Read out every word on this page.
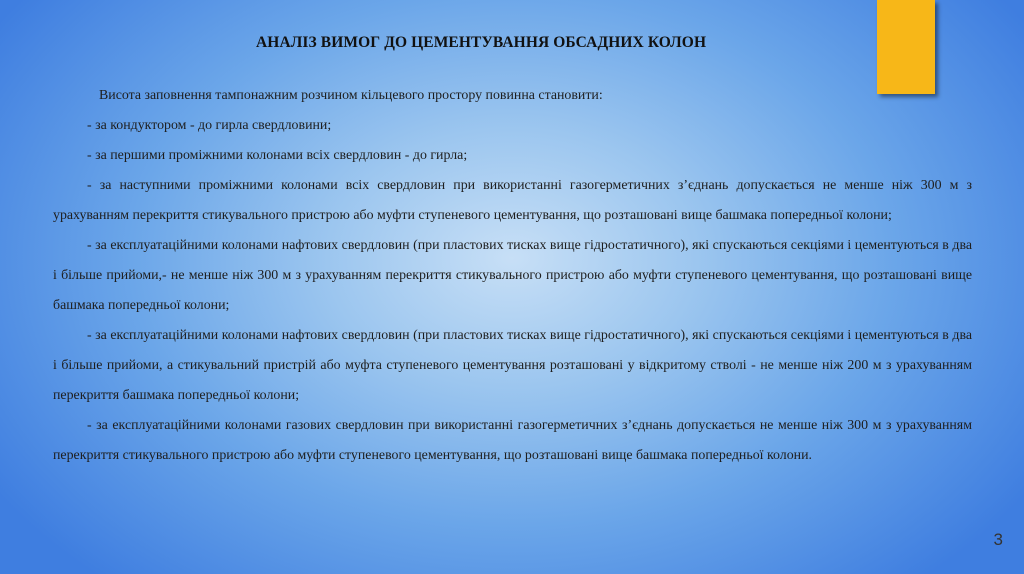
АНАЛІЗ ВИМОГ ДО ЦЕМЕНТУВАННЯ ОБСАДНИХ КОЛОН

Висота заповнення тампонажним розчином кільцевого простору повинна становити:

- за кондуктором - до гирла свердловини;

- за першими проміжними колонами всіх свердловин - до гирла;

- за наступними проміжними колонами всіх свердловин при використанні газогерметичних з’єднань допускається не менше ніж 300 м з урахуванням перекриття стикувального пристрою або муфти ступеневого цементування, що розташовані вище башмака попередньої колони;

- за експлуатаційними колонами нафтових свердловин (при пластових тисках вище гідростатичного), які спускаються секціями і цементуються в два і більше прийоми,- не менше ніж 300 м з урахуванням перекриття стикувального пристрою або муфти ступеневого цементування, що розташовані вище башмака попередньої колони;

- за експлуатаційними колонами нафтових свердловин (при пластових тисках вище гідростатичного), які спускаються секціями і цементуються в два і більше прийоми, а стикувальний пристрій або муфта ступеневого цементування розташовані у відкритому стволі - не менше ніж 200 м з урахуванням перекриття башмака попередньої колони;

- за експлуатаційними колонами газових свердловин при використанні газогерметичних з’єднань допускається не менше ніж 300 м з урахуванням перекриття стикувального пристрою або муфти ступеневого цементування, що розташовані вище башмака попередньої колони.

3
